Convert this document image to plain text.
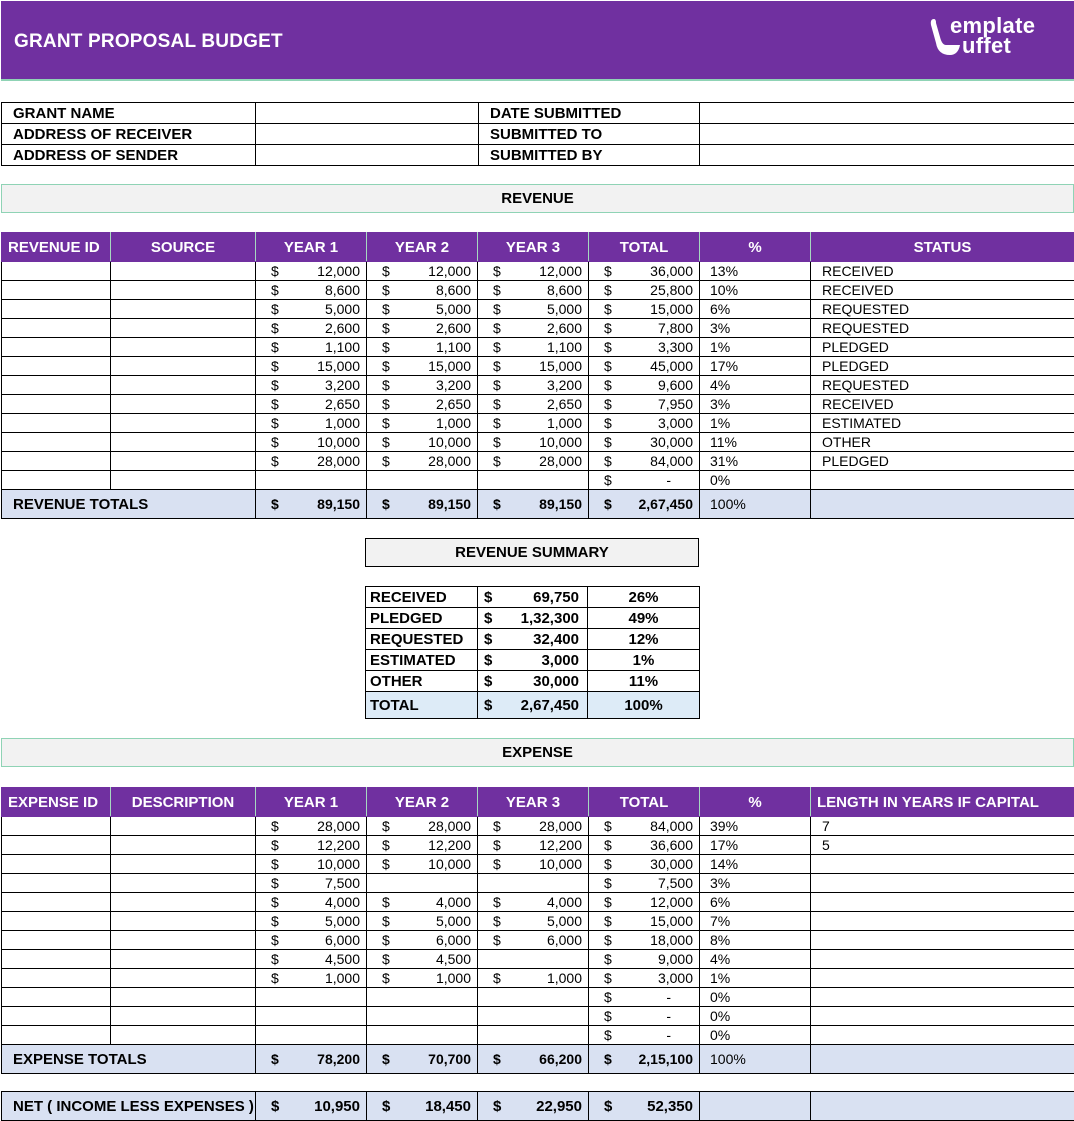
GRANT PROPOSAL BUDGET
emplate
uffet
GRANT NAME		DATE SUBMITTED	
ADDRESS OF RECEIVER		SUBMITTED TO	
ADDRESS OF SENDER		SUBMITTED BY	
REVENUE
REVENUE ID	SOURCE	YEAR 1	YEAR 2	YEAR 3	TOTAL	%	STATUS

		$ 12,000	$ 12,000	$ 12,000	$ 36,000	13%	RECEIVED

		$ 8,600	$ 8,600	$ 8,600	$ 25,800	10%	RECEIVED

		$ 5,000	$ 5,000	$ 5,000	$ 15,000	6%	REQUESTED

		$ 2,600	$ 2,600	$ 2,600	$ 7,800	3%	REQUESTED

		$ 1,100	$ 1,100	$ 1,100	$ 3,300	1%	PLEDGED

		$ 15,000	$ 15,000	$ 15,000	$ 45,000	17%	PLEDGED

		$ 3,200	$ 3,200	$ 3,200	$ 9,600	4%	REQUESTED

		$ 2,650	$ 2,650	$ 2,650	$ 7,950	3%	RECEIVED

		$ 1,000	$ 1,000	$ 1,000	$ 3,000	1%	ESTIMATED

		$ 10,000	$ 10,000	$ 10,000	$ 30,000	11%	OTHER

		$ 28,000	$ 28,000	$ 28,000	$ 84,000	31%	PLEDGED

					$ -	0%	
REVENUE TOTALS		$ 89,150	$ 89,150	$ 89,150	$ 2,67,450	100%	
REVENUE SUMMARY
RECEIVED	$ 69,750	26%
PLEDGED	$ 1,32,300	49%
REQUESTED	$ 32,400	12%
ESTIMATED	$ 3,000	1%
OTHER	$ 30,000	11%
TOTAL	$ 2,67,450	100%
EXPENSE
EXPENSE ID	DESCRIPTION	YEAR 1	YEAR 2	YEAR 3	TOTAL	%	LENGTH IN YEARS IF CAPITAL

		$ 28,000	$ 28,000	$ 28,000	$ 84,000	39%	7

		$ 12,200	$ 12,200	$ 12,200	$ 36,600	17%	5

		$ 10,000	$ 10,000	$ 10,000	$ 30,000	14%	

		$ 7,500			$ 7,500	3%	

		$ 4,000	$ 4,000	$ 4,000	$ 12,000	6%	

		$ 5,000	$ 5,000	$ 5,000	$ 15,000	7%	

		$ 6,000	$ 6,000	$ 6,000	$ 18,000	8%	

		$ 4,500	$ 4,500		$ 9,000	4%	

		$ 1,000	$ 1,000	$ 1,000	$ 3,000	1%	

					$ -	0%	

					$ -	0%	

					$ -	0%	
EXPENSE TOTALS		$ 78,200	$ 70,700	$ 66,200	$ 2,15,100	100%	
NET ( INCOME LESS EXPENSES )	$ 10,950	$ 18,450	$ 22,950	$ 52,350
